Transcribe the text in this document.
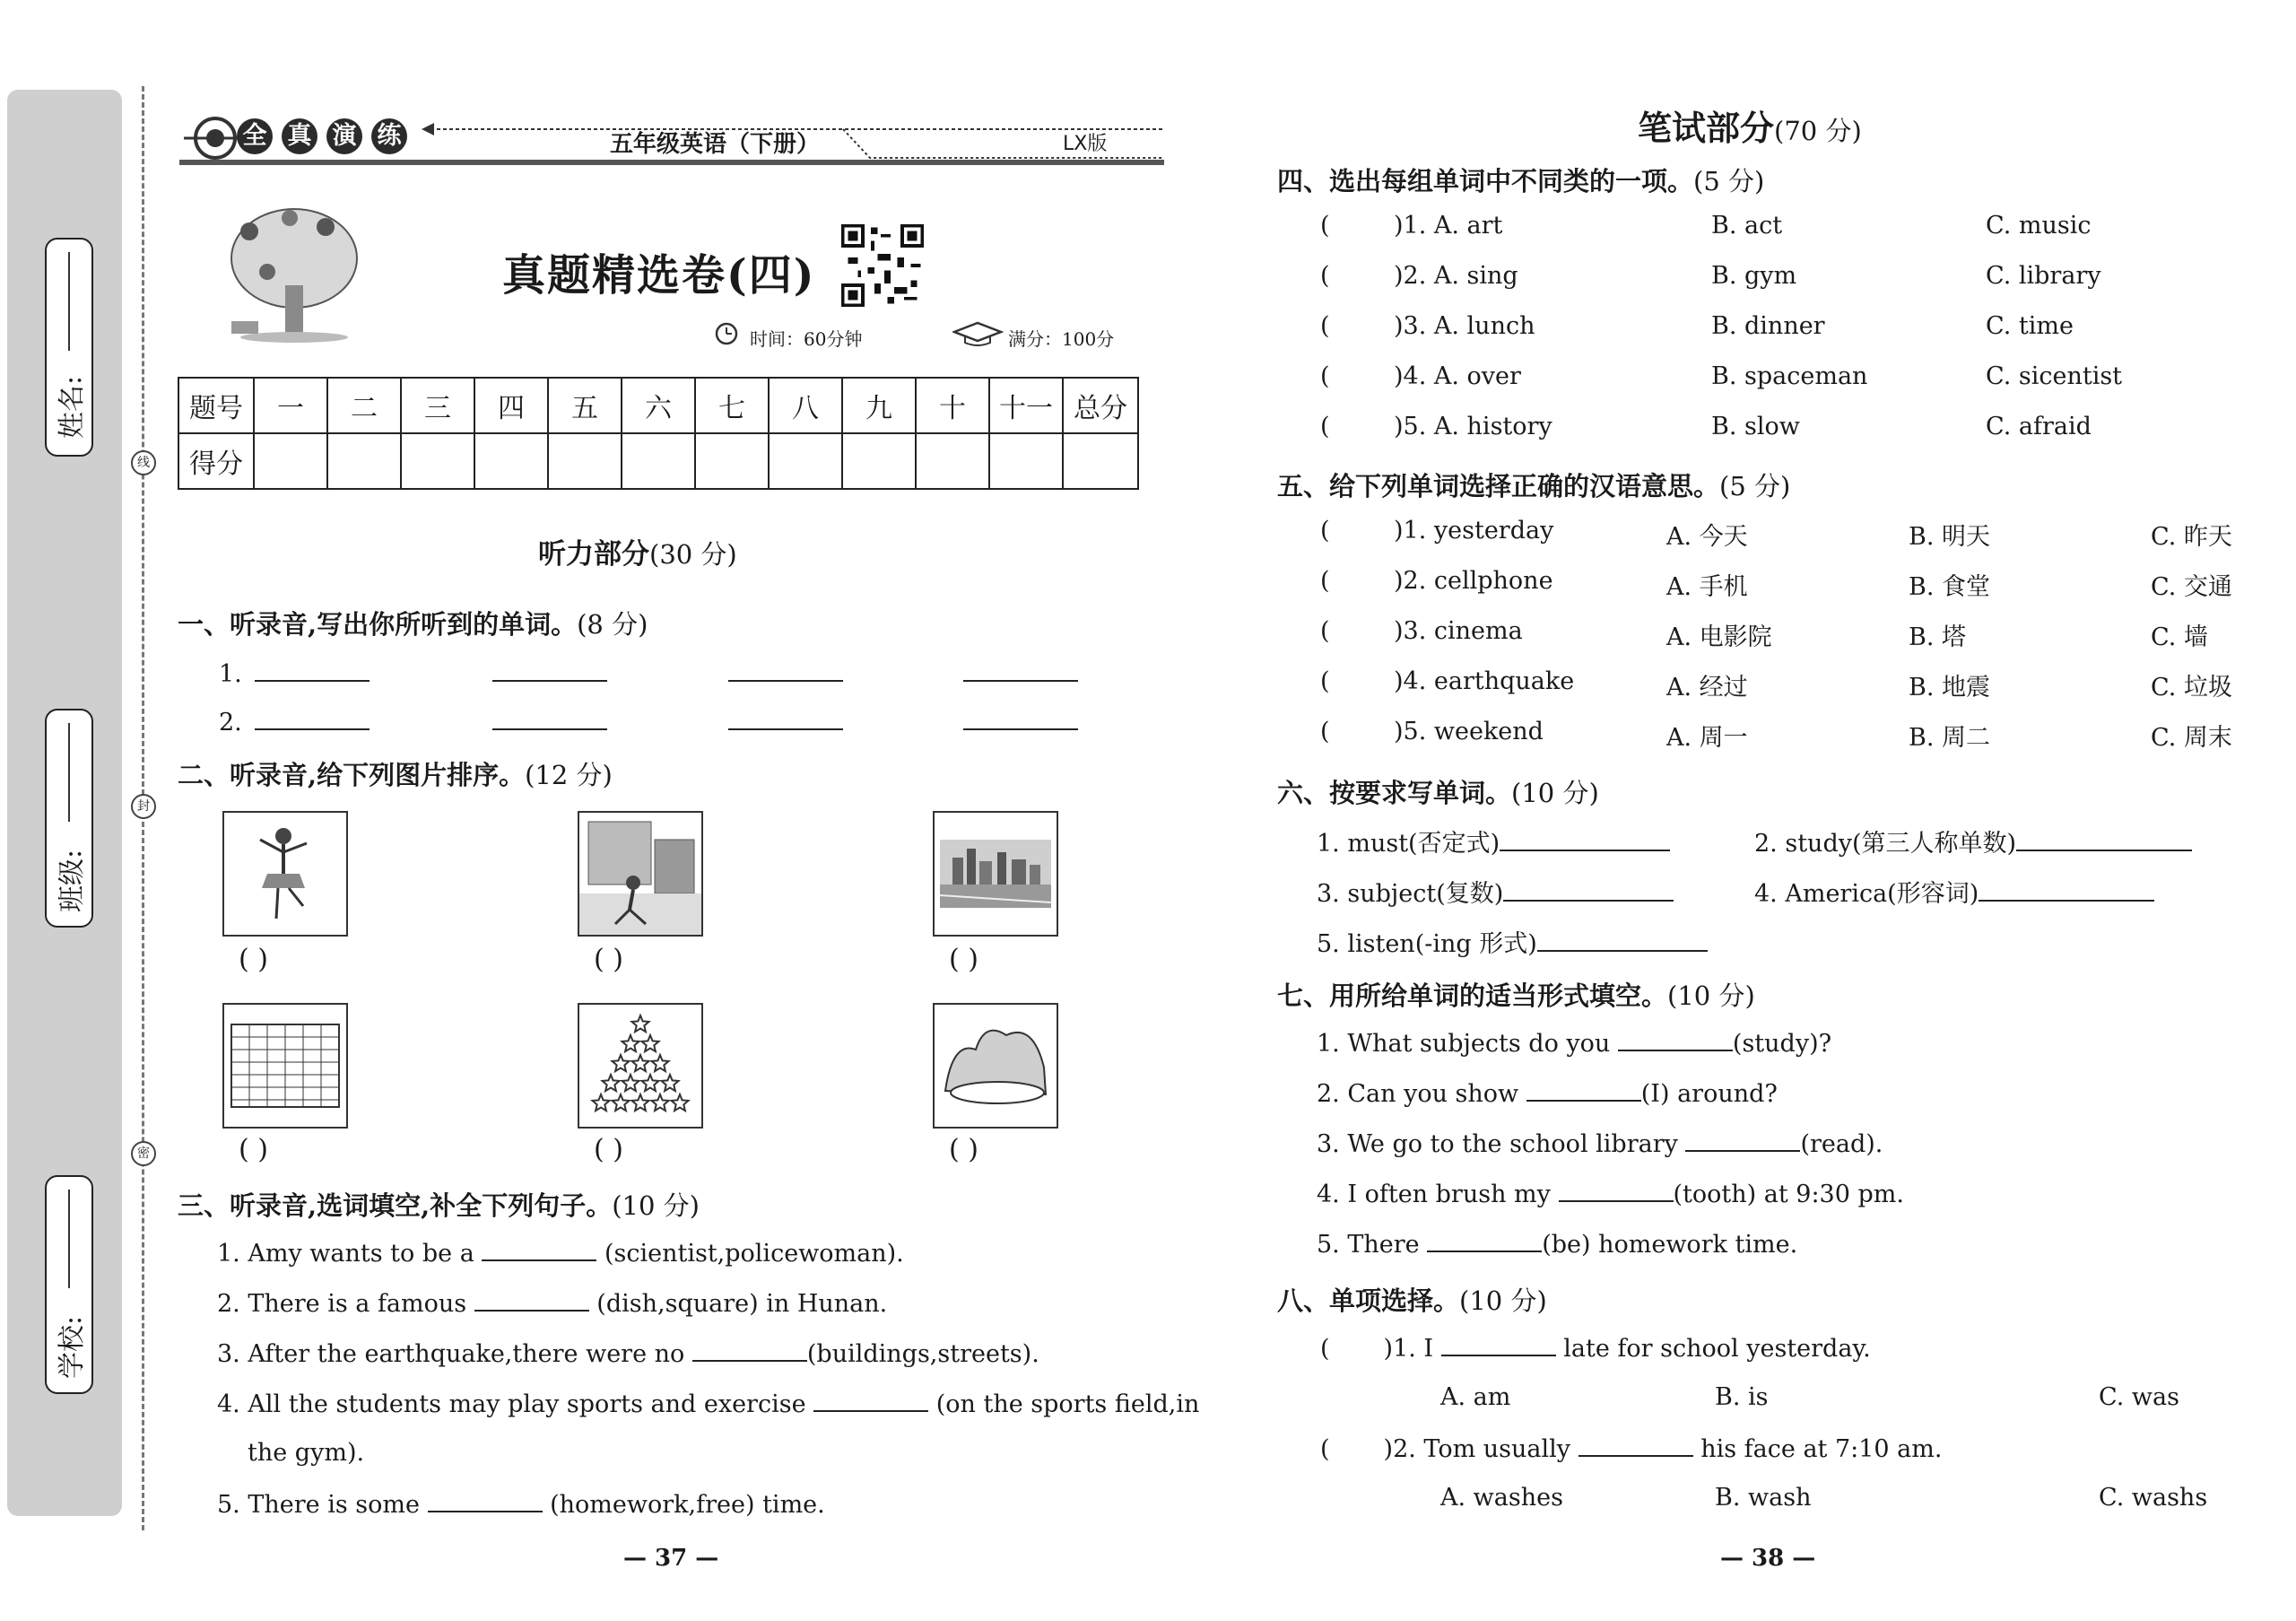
姓名:
班级:
学校:
线
封
密
全 真 演 练	五年级英语（下册）	LX版
真题精选卷(四)
时间：60分钟	满分：100分
题号	一	二	三	四	五	六	七	八	九	十	十一	总分
得分												
听力部分(30 分)
一、听录音,写出你所听到的单词。(8 分)
1.
2.
二、听录音,给下列图片排序。(12 分)
( )	( )	( )
( )	( )	( )
三、听录音,选词填空,补全下列句子。(10 分)
1. Amy wants to be a	(scientist,policewoman).
2. There is a famous	(dish,square) in Hunan.
3. After the earthquake,there were no	(buildings,streets).
4. All the students may play sports and exercise	(on the sports field,in
the gym).
5. There is some	(homework,free) time.
— 37 —
笔试部分(70 分)
四、选出每组单词中不同类的一项。(5 分)
(	)1. A. art	B. act	C. music
(	)2. A. sing	B. gym	C. library
(	)3. A. lunch	B. dinner	C. time
(	)4. A. over	B. spaceman	C. sicentist
(	)5. A. history	B. slow	C. afraid
五、给下列单词选择正确的汉语意思。(5 分)
(	)1. yesterday	A. 今天	B. 明天	C. 昨天
(	)2. cellphone	A. 手机	B. 食堂	C. 交通
(	)3. cinema	A. 电影院	B. 塔	C. 墙
(	)4. earthquake	A. 经过	B. 地震	C. 垃圾
(	)5. weekend	A. 周一	B. 周二	C. 周末
六、按要求写单词。(10 分)
1. must(否定式)	2. study(第三人称单数)
3. subject(复数)	4. America(形容词)
5. listen(-ing 形式)
七、用所给单词的适当形式填空。(10 分)
1. What subjects do you	(study)?
2. Can you show	(I) around?
3. We go to the school library	(read).
4. I often brush my	(tooth) at 9:30 pm.
5. There	(be) homework time.
八、单项选择。(10 分)
( )1. I	late for school yesterday.
A. am	B. is	C. was
( )2. Tom usually	his face at 7:10 am.
A. washes	B. wash	C. washs
— 38 —
